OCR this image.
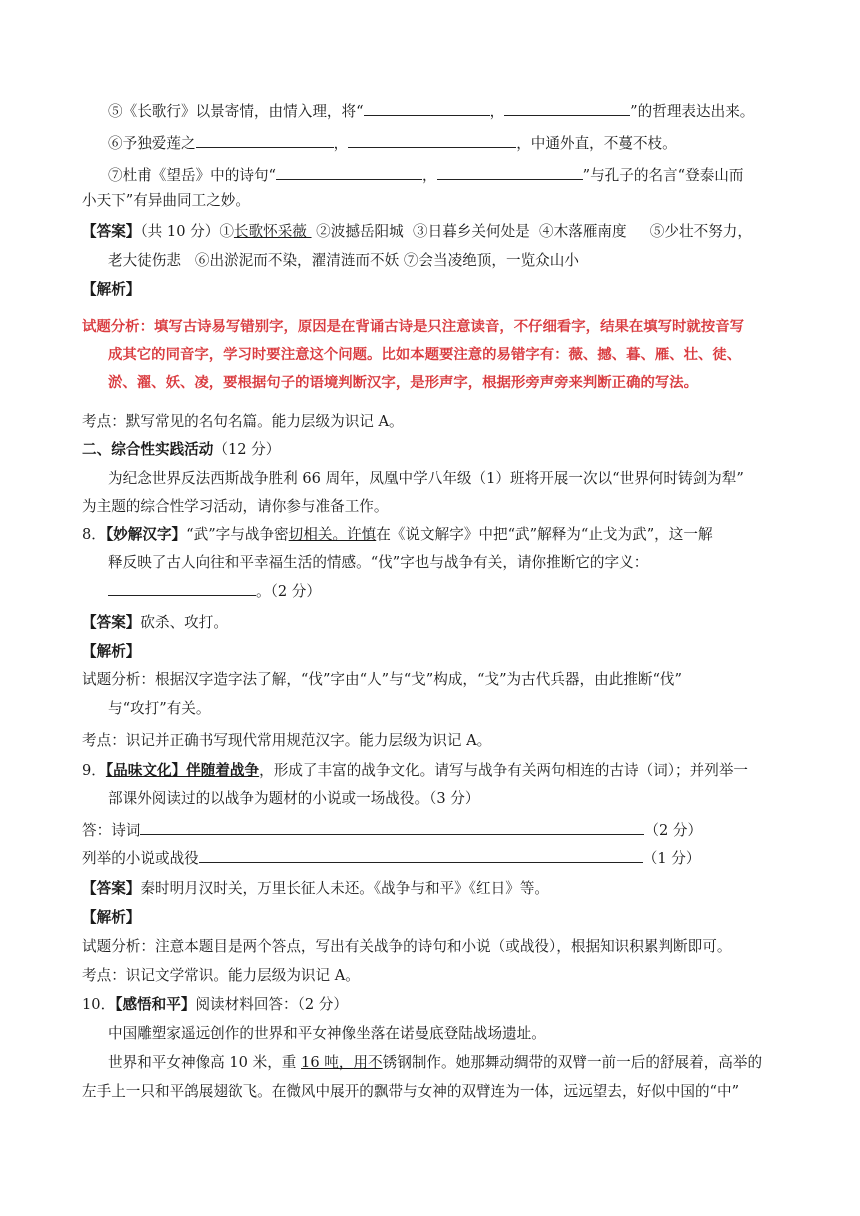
⑤《长歌行》以景寄情，由情入理，将“	，	”的哲理表达出来。
⑥予独爱莲之	，	，中通外直，不蔓不枝。
⑦杜甫《望岳》中的诗句“	，	”与孔子的名言“登泰山而
小天下”有异曲同工之妙。
【答案】（共 10 分）①长歌怀采薇  ②波撼岳阳城  ③日暮乡关何处是  ④木落雁南度     ⑤少壮不努力，
老大徒伤悲   ⑥出淤泥而不染，濯清涟而不妖 ⑦会当凌绝顶，一览众山小
【解析】
试题分析：填写古诗易写错别字，原因是在背诵古诗是只注意读音，不仔细看字，结果在填写时就按音写
成其它的同音字，学习时要注意这个问题。比如本题要注意的易错字有：薇、撼、暮、雁、壮、徒、
淤、濯、妖、凌，要根据句子的语境判断汉字，是形声字，根据形旁声旁来判断正确的写法。
考点：默写常见的名句名篇。能力层级为识记 A。
二、综合性实践活动（12 分）
为纪念世界反法西斯战争胜利 66 周年，凤凰中学八年级（1）班将开展一次以“世界何时铸剑为犁”
为主题的综合性学习活动，请你参与准备工作。
8．【妙解汉字】“武”字与战争密切相关。许慎在《说文解字》中把“武”解释为“止戈为武”，这一解
释反映了古人向往和平幸福生活的情感。“伐”字也与战争有关，请你推断它的字义：
。（2 分）
【答案】砍杀、攻打。
【解析】
试题分析：根据汉字造字法了解，“伐”字由“人”与“戈”构成，“戈”为古代兵器，由此推断“伐”
与“攻打”有关。
考点：识记并正确书写现代常用规范汉字。能力层级为识记 A。
9．【品味文化】伴随着战争，形成了丰富的战争文化。请写与战争有关两句相连的古诗（词）；并列举一
部课外阅读过的以战争为题材的小说或一场战役。（3 分）
答：诗词	（2 分）
列举的小说或战役	（1 分）
【答案】秦时明月汉时关，万里长征人未还。《战争与和平》《红日》等。
【解析】
试题分析：注意本题目是两个答点，写出有关战争的诗句和小说（或战役），根据知识积累判断即可。
考点：识记文学常识。能力层级为识记 A。
10．【感悟和平】阅读材料回答：（2 分）
中国雕塑家遥远创作的世界和平女神像坐落在诺曼底登陆战场遗址。
世界和平女神像高 10 米，重 16 吨，用不锈钢制作。她那舞动绸带的双臂一前一后的舒展着，高举的
左手上一只和平鸽展翅欲飞。在微风中展开的飘带与女神的双臂连为一体，远远望去，好似中国的“中”
